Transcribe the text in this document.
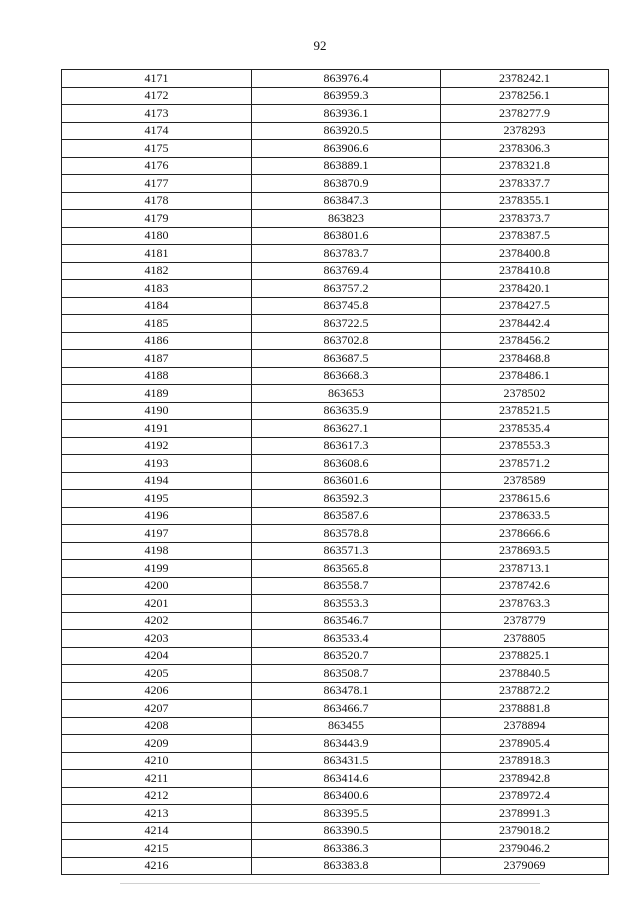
92
4171	863976.4	2378242.1
4172	863959.3	2378256.1
4173	863936.1	2378277.9
4174	863920.5	2378293
4175	863906.6	2378306.3
4176	863889.1	2378321.8
4177	863870.9	2378337.7
4178	863847.3	2378355.1
4179	863823	2378373.7
4180	863801.6	2378387.5
4181	863783.7	2378400.8
4182	863769.4	2378410.8
4183	863757.2	2378420.1
4184	863745.8	2378427.5
4185	863722.5	2378442.4
4186	863702.8	2378456.2
4187	863687.5	2378468.8
4188	863668.3	2378486.1
4189	863653	2378502
4190	863635.9	2378521.5
4191	863627.1	2378535.4
4192	863617.3	2378553.3
4193	863608.6	2378571.2
4194	863601.6	2378589
4195	863592.3	2378615.6
4196	863587.6	2378633.5
4197	863578.8	2378666.6
4198	863571.3	2378693.5
4199	863565.8	2378713.1
4200	863558.7	2378742.6
4201	863553.3	2378763.3
4202	863546.7	2378779
4203	863533.4	2378805
4204	863520.7	2378825.1
4205	863508.7	2378840.5
4206	863478.1	2378872.2
4207	863466.7	2378881.8
4208	863455	2378894
4209	863443.9	2378905.4
4210	863431.5	2378918.3
4211	863414.6	2378942.8
4212	863400.6	2378972.4
4213	863395.5	2378991.3
4214	863390.5	2379018.2
4215	863386.3	2379046.2
4216	863383.8	2379069
